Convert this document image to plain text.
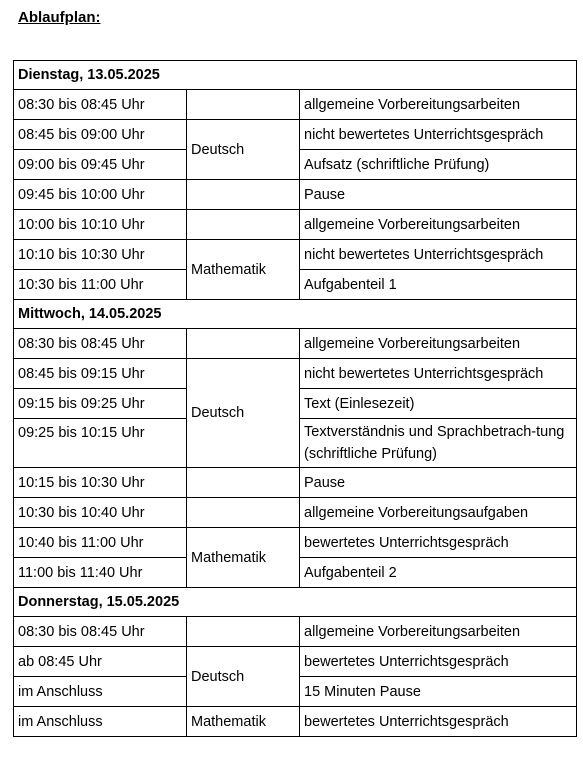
Ablaufplan:
Dienstag, 13.05.2025		
08:30 bis 08:45 Uhr		allgemeine Vorbereitungsarbeiten
08:45 bis 09:00 Uhr	Deutsch	nicht bewertetes Unterrichtsgespräch
09:00 bis 09:45 Uhr		Aufsatz (schriftliche Prüfung)
09:45 bis 10:00 Uhr		Pause
10:00 bis 10:10 Uhr		allgemeine Vorbereitungsarbeiten
10:10 bis 10:30 Uhr	Mathematik	nicht bewertetes Unterrichtsgespräch
10:30 bis 11:00 Uhr		Aufgabenteil 1
Mittwoch, 14.05.2025		
08:30 bis 08:45 Uhr		allgemeine Vorbereitungsarbeiten
08:45 bis 09:15 Uhr	Deutsch	nicht bewertetes Unterrichtsgespräch
09:15 bis 09:25 Uhr		Text (Einlesezeit)
09:25 bis 10:15 Uhr		Textverständnis und Sprachbetrach-tung (schriftliche Prüfung)
10:15 bis 10:30 Uhr		Pause
10:30 bis 10:40 Uhr		allgemeine Vorbereitungsaufgaben
10:40 bis 11:00 Uhr	Mathematik	bewertetes Unterrichtsgespräch
11:00 bis 11:40 Uhr		Aufgabenteil 2
Donnerstag, 15.05.2025		
08:30 bis 08:45 Uhr		allgemeine Vorbereitungsarbeiten
ab 08:45 Uhr	Deutsch	bewertetes Unterrichtsgespräch
im Anschluss		15 Minuten Pause
im Anschluss	Mathematik	bewertetes Unterrichtsgespräch
